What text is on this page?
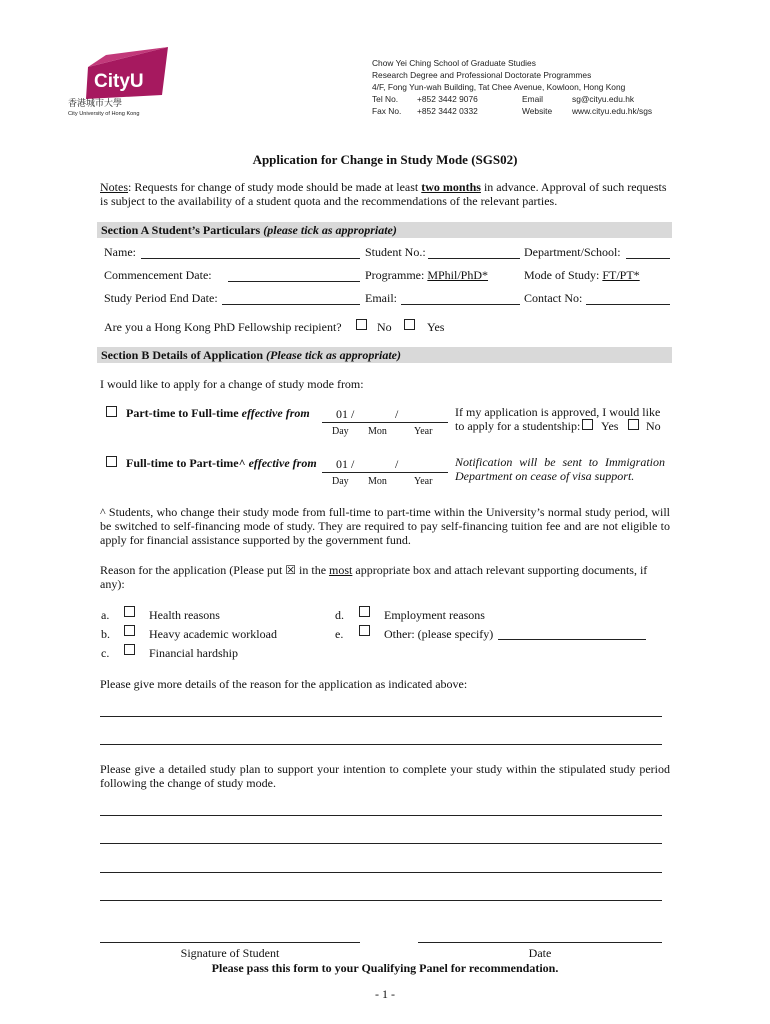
CityU
香港城市大學
City University of Hong Kong
Chow Yei Ching School of Graduate Studies
Research Degree and Professional Doctorate Programmes
4/F, Fong Yun-wah Building, Tat Chee Avenue, Kowloon, Hong Kong
Tel No. +852 3442 9076	Email	sg@cityu.edu.hk
Fax No. +852 3442 0332	Website www.cityu.edu.hk/sgs
Application for Change in Study Mode (SGS02)
Notes: Requests for change of study mode should be made at least two months in advance. Approval of such requests is subject to the availability of a student quota and the recommendations of the relevant parties.
Section A Student’s Particulars (please tick as appropriate)
Name:	Student No.:	Department/School:
Commencement Date:	Programme: MPhil/PhD*	Mode of Study: FT/PT*
Study Period End Date:	Email:	Contact No:
Are you a Hong Kong PhD Fellowship recipient?	No	Yes
Section B Details of Application (Please tick as appropriate)
I would like to apply for a change of study mode from:
Part-time to Full-time effective from 01 /	/
Day Mon	Year
If my application is approved, I would like to apply for a studentship:	Yes No
Full-time to Part-time^ effective from 01 /	/
Day Mon	Year
Notification will be sent to Immigration Department on cease of visa support.
^ Students, who change their study mode from full-time to part-time within the University’s normal study period, will be switched to self-financing mode of study. They are required to pay self-financing tuition fee and are not eligible to apply for financial assistance supported by the government fund.
Reason for the application (Please put ☒ in the most appropriate box and attach relevant supporting documents, if any):
a.	Health reasons
b.	Heavy academic workload
c.	Financial hardship
d.	Employment reasons
e.	Other: (please specify)
Please give more details of the reason for the application as indicated above:
Please give a detailed study plan to support your intention to complete your study within the stipulated study period following the change of study mode.
Signature of Student	Date
Please pass this form to your Qualifying Panel for recommendation.
- 1 -
